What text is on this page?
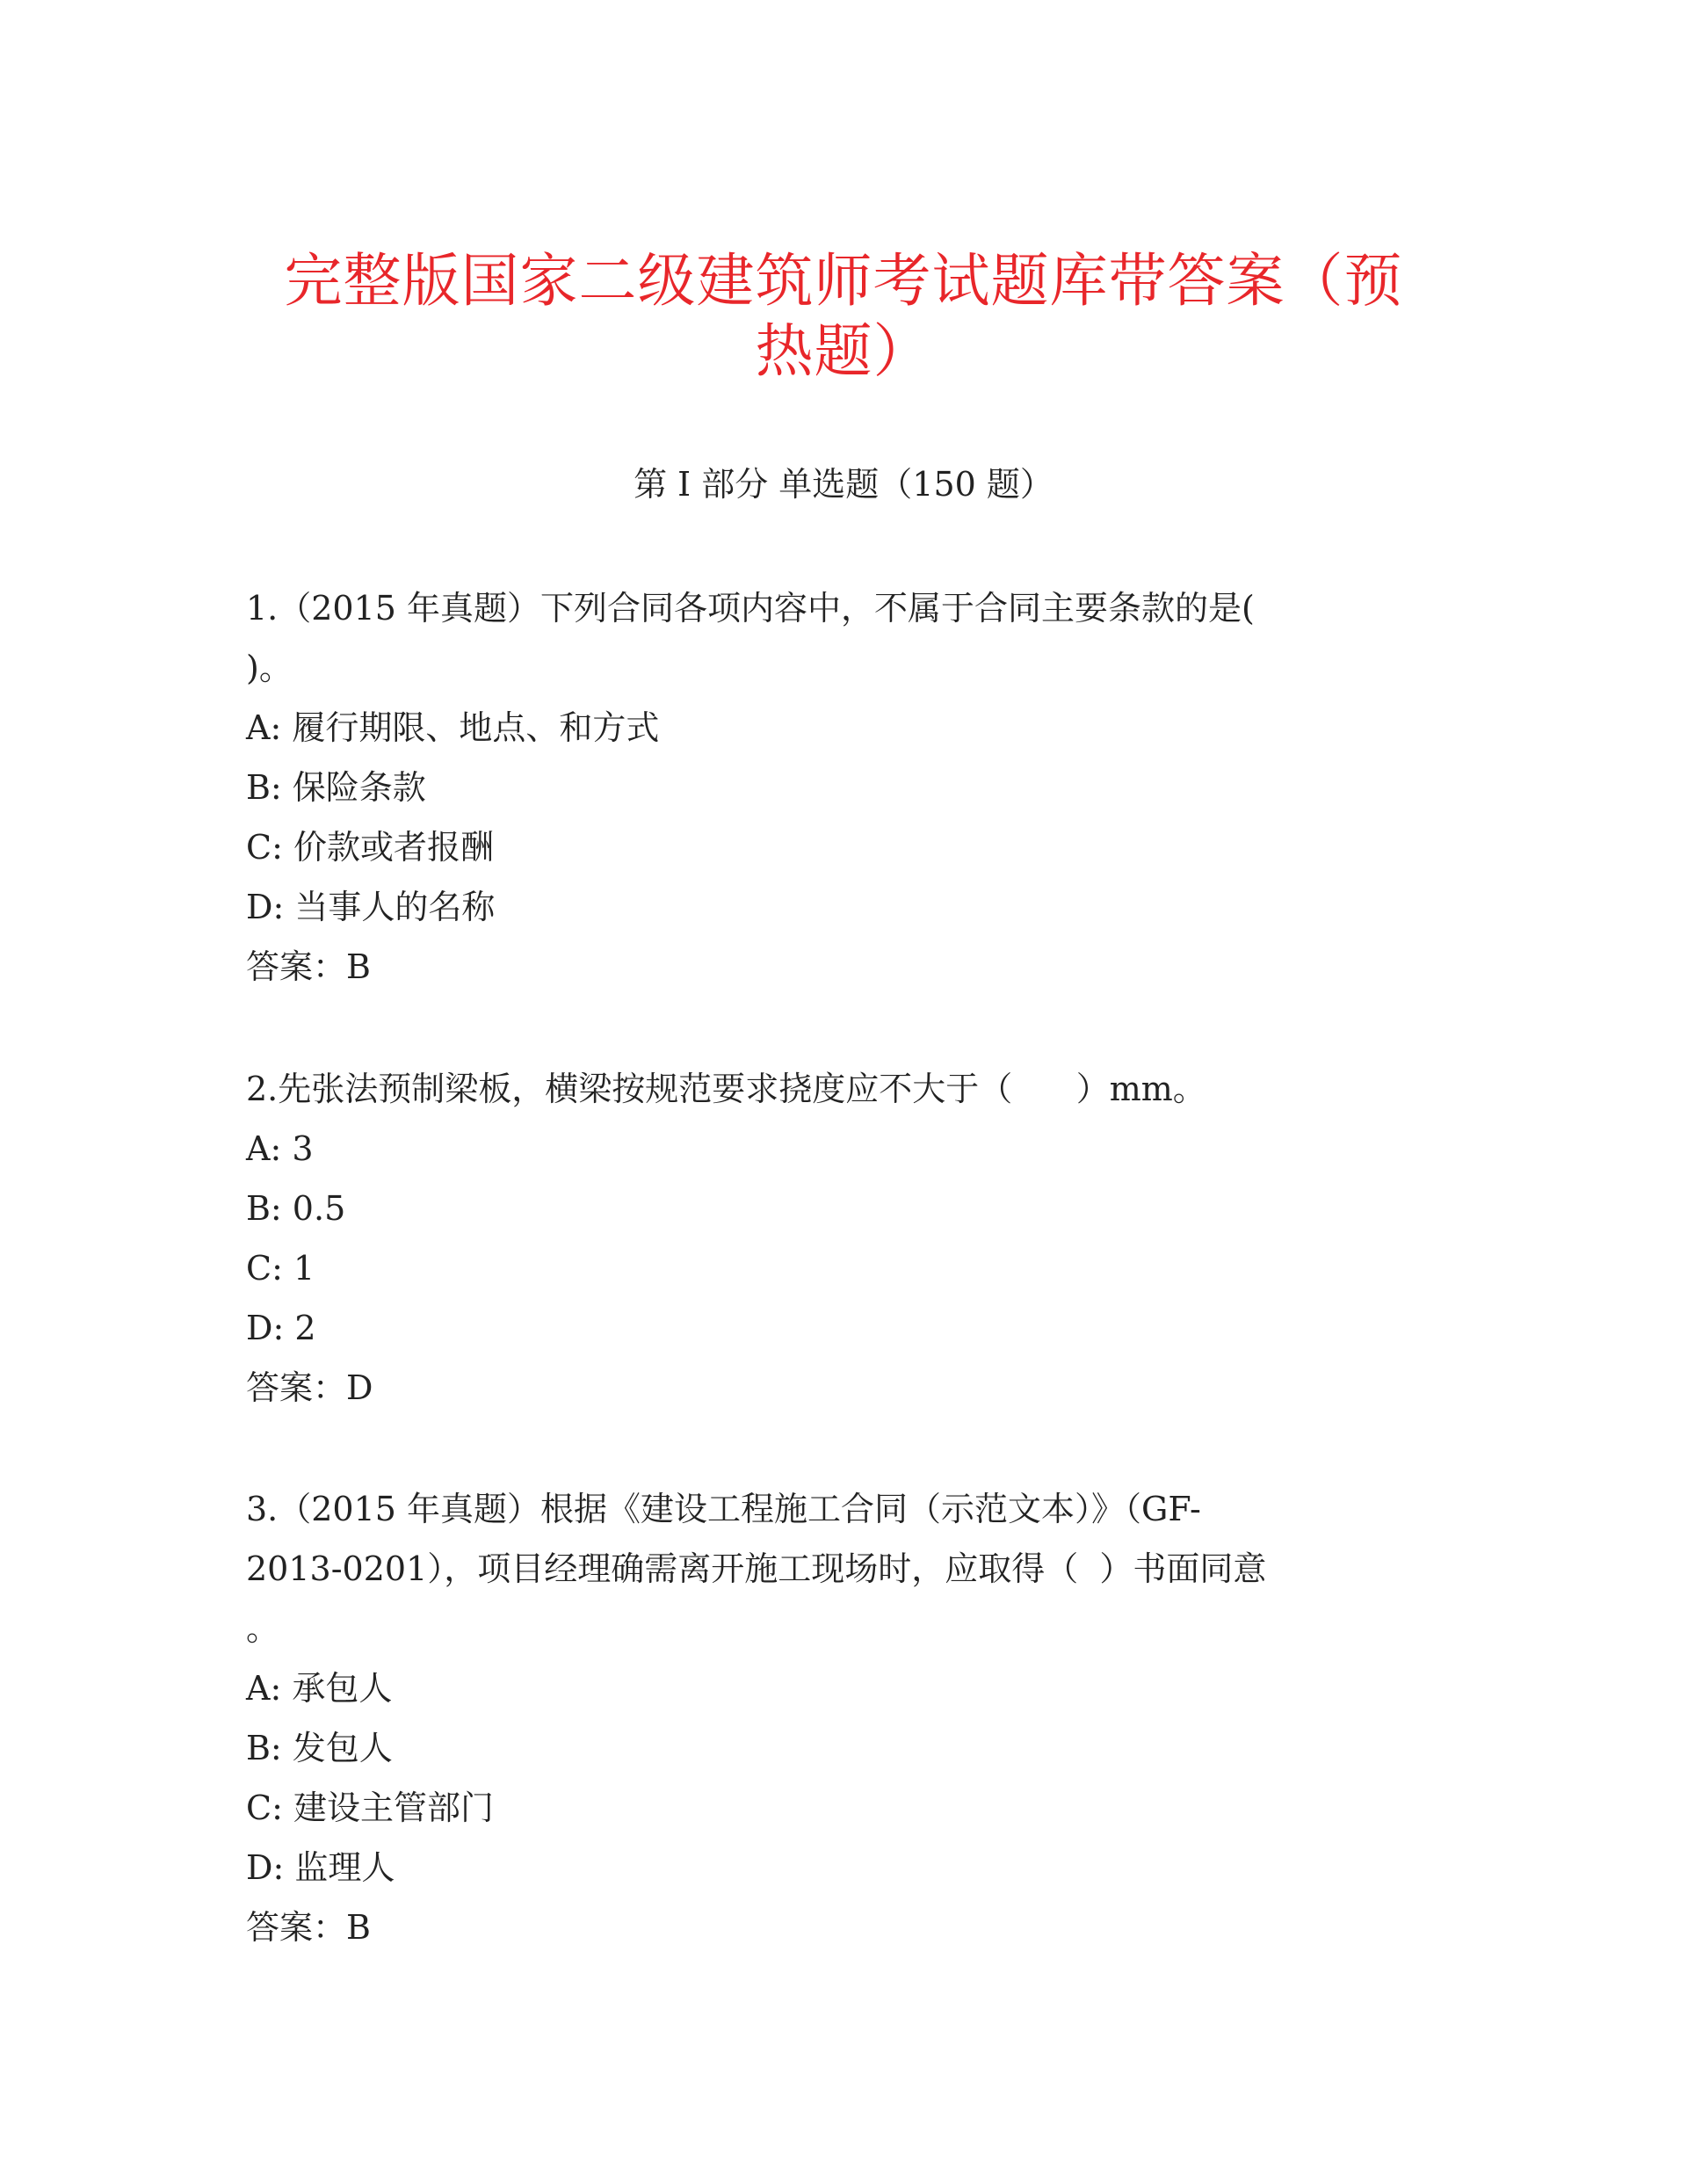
完整版国家二级建筑师考试题库带答案（预
热题）
第 I 部分 单选题（150 题）
1.（2015 年真题）下列合同各项内容中，不属于合同主要条款的是(
)。
A: 履行期限、地点、和方式
B: 保险条款
C: 价款或者报酬
D: 当事人的名称
答案：B
2.先张法预制梁板，横梁按规范要求挠度应不大于（      ）mm。
A: 3
B: 0.5
C: 1
D: 2
答案：D
3.（2015 年真题）根据《建设工程施工合同（示范文本）》（GF-
2013-0201），项目经理确需离开施工现场时，应取得（  ）书面同意
。
A: 承包人
B: 发包人
C: 建设主管部门
D: 监理人
答案：B
